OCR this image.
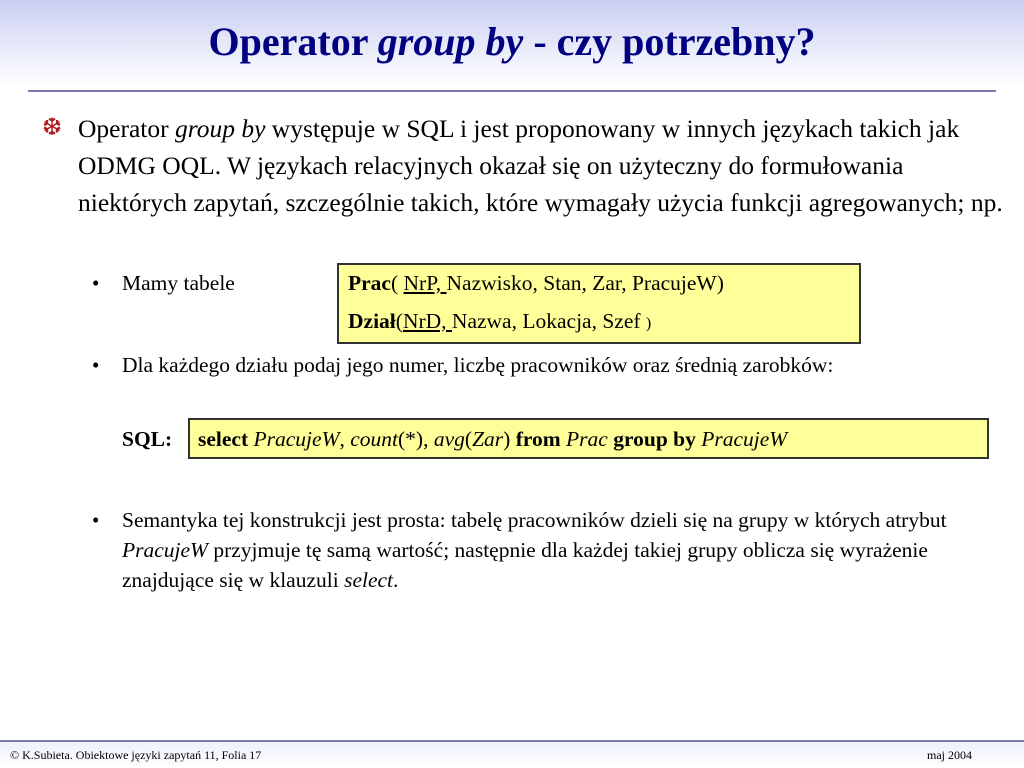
Operator group by - czy potrzebny?
❆ Operator group by występuje w SQL i jest proponowany w innych językach takich jak ODMG OQL. W językach relacyjnych okazał się on użyteczny do formułowania niektórych zapytań, szczególnie takich, które wymagały użycia funkcji agregowanych; np.
• Mamy tabele	Prac( NrP, Nazwisko, Stan, Zar, PracujeW)
Dział(NrD, Nazwa, Lokacja, Szef )
• Dla każdego działu podaj jego numer, liczbę pracowników oraz średnią zarobków:
SQL: select PracujeW, count(*), avg(Zar) from Prac group by PracujeW
• Semantyka tej konstrukcji jest prosta: tabelę pracowników dzieli się na grupy w których atrybut PracujeW przyjmuje tę samą wartość; następnie dla każdej takiej grupy oblicza się wyrażenie znajdujące się w klauzuli select.
© K.Subieta. Obiektowe języki zapytań 11, Folia 17	maj 2004
